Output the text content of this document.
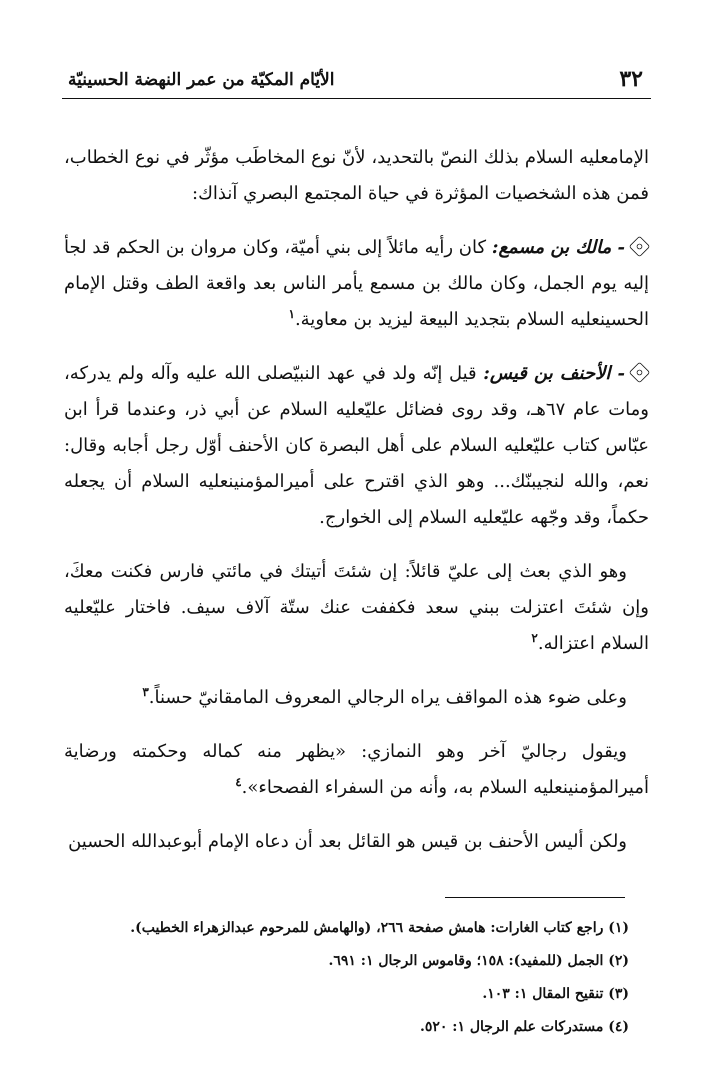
٣٢
الأيّام المكيّة من عمر النهضة الحسينيّة

الإمامعليه السلام بذلك النصّ بالتحديد، لأنّ نوع المخاطَب مؤثّر في نوع الخطاب، فمن هذه الشخصيات المؤثرة في حياة المجتمع البصري آنذاك:

- مالك بن مسمع: كان رأيه مائلاً إلى بني أميّة، وكان مروان بن الحكم قد لجأ إليه يوم الجمل، وكان مالك بن مسمع يأمر الناس بعد واقعة الطف وقتل الإمام الحسينعليه السلام بتجديد البيعة ليزيد بن معاوية.$^١$

- الأحنف بن قيس: قيل إنّه ولد في عهد النبيّصلى الله عليه وآله ولم يدركه، ومات عام ٦٧هـ، وقد روى فضائل عليّعليه السلام عن أبي ذر، وعندما قرأ ابن عبّاس كتاب عليّعليه السلام على أهل البصرة كان الأحنف أوّل رجل أجابه وقال: نعم، والله لنجيبنّك... وهو الذي اقترح على أميرالمؤمنينعليه السلام أن يجعله حكماً، وقد وجّهه عليّعليه السلام إلى الخوارج.

وهو الذي بعث إلى عليّ قائلاً: إن شئتَ أتيتك في مائتي فارس فكنت معكَ، وإن شئتَ اعتزلت ببني سعد فكففت عنك ستّة آلاف سيف. فاختار عليّعليه السلام اعتزاله.$^٢$

وعلى ضوء هذه المواقف يراه الرجالي المعروف المامقانيّ حسناً.$^٣$

ويقول رجاليّ آخر وهو النمازي: «يظهر منه كماله وحكمته ورضاية أميرالمؤمنينعليه السلام به، وأنه من السفراء الفصحاء».$^٤$

ولكن أليس الأحنف بن قيس هو القائل بعد أن دعاه الإمام أبوعبدالله الحسين

(١) راجع كتاب الغارات: هامش صفحة ٢٦٦، (والهامش للمرحوم عبدالزهراء الخطيب).
(٢) الجمل (للمفيد): ١٥٨؛ وقاموس الرجال ١: ٦٩١.
(٣) تنقيح المقال ١: ١٠٣.
(٤) مستدركات علم الرجال ١: ٥٢٠.
